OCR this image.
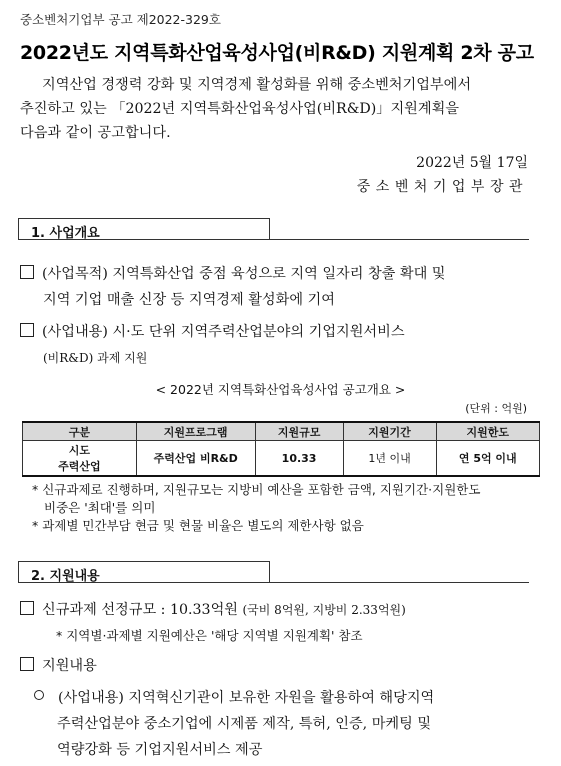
중소벤처기업부 공고 제2022-329호
2022년도 지역특화산업육성사업(비R&D) 지원계획 2차 공고

지역산업 경쟁력 강화 및 지역경제 활성화를 위해 중소벤처기업부에서

추진하고 있는 「2022년 지역특화산업육성사업(비R&D)」지원계획을

다음과 같이 공고합니다.

2022년 5월 17일
중소벤처기업부장관
1. 사업개요
(사업목적) 지역특화산업 중점 육성으로 지역 일자리 창출 확대 및
지역 기업 매출 신장 등 지역경제 활성화에 기여
(사업내용) 시·도 단위 지역주력산업분야의 기업지원서비스
(비R&D) 과제 지원
< 2022년 지역특화산업육성사업 공고개요 >
(단위 : 억원)
구분	지원프로그램	지원규모	지원기간	지원한도

시도
주력산업	주력산업 비R&D	10.33	1년 이내	연 5억 이내

* 신규과제로 진행하며, 지원규모는 지방비 예산을 포함한 금액, 지원기간·지원한도

비중은 '최대'를 의미

* 과제별 민간부담 현금 및 현물 비율은 별도의 제한사항 없음

2. 지원내용
신규과제 선정규모 : 10.33억원 (국비 8억원, 지방비 2.33억원)
* 지역별·과제별 지원예산은 '해당 지역별 지원계획' 참조
지원내용
(사업내용) 지역혁신기관이 보유한 자원을 활용하여 해당지역
주력산업분야 중소기업에 시제품 제작, 특허, 인증, 마케팅 및
역량강화 등 기업지원서비스 제공
